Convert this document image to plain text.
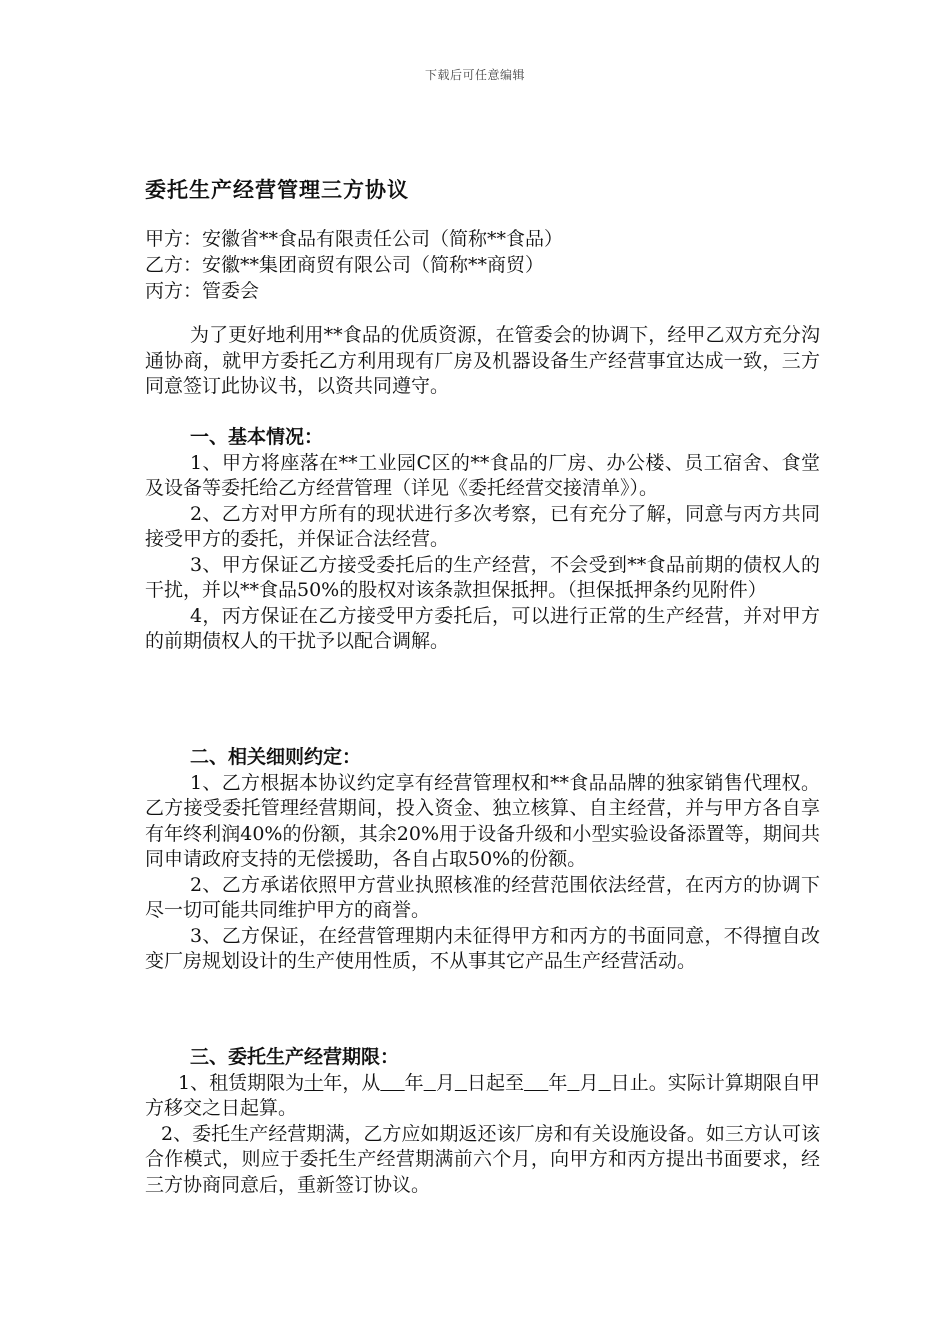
下载后可任意编辑
委托生产经营管理三方协议
甲方：安徽省**食品有限责任公司（简称**食品）
乙方：安徽**集团商贸有限公司（简称**商贸）
丙方：管委会

为了更好地利用**食品的优质资源，在管委会的协调下，经甲乙双方充分沟通协商，就甲方委托乙方利用现有厂房及机器设备生产经营事宜达成一致，三方同意签订此协议书，以资共同遵守。

一、基本情况：

1、甲方将座落在**工业园C区的**食品的厂房、办公楼、员工宿舍、食堂及设备等委托给乙方经营管理（详见《委托经营交接清单》）。

2、乙方对甲方所有的现状进行多次考察，已有充分了解，同意与丙方共同接受甲方的委托，并保证合法经营。

3、甲方保证乙方接受委托后的生产经营，不会受到**食品前期的债权人的干扰，并以**食品50%的股权对该条款担保抵押。（担保抵押条约见附件）

4，丙方保证在乙方接受甲方委托后，可以进行正常的生产经营，并对甲方的前期债权人的干扰予以配合调解。

二、相关细则约定：

1、乙方根据本协议约定享有经营管理权和**食品品牌的独家销售代理权。乙方接受委托管理经营期间，投入资金、独立核算、自主经营，并与甲方各自享有年终利润40%的份额，其余20%用于设备升级和小型实验设备添置等，期间共同申请政府支持的无偿援助，各自占取50%的份额。

2、乙方承诺依照甲方营业执照核准的经营范围依法经营，在丙方的协调下尽一切可能共同维护甲方的商誉。

3、乙方保证，在经营管理期内未征得甲方和丙方的书面同意，不得擅自改变厂房规划设计的生产使用性质，不从事其它产品生产经营活动。

三、委托生产经营期限：

1、租赁期限为十年，从 年 月 日起至 年 月 日止。实际计算期限自甲方移交之日起算。

2、委托生产经营期满，乙方应如期返还该厂房和有关设施设备。如三方认可该合作模式，则应于委托生产经营期满前六个月，向甲方和丙方提出书面要求，经三方协商同意后，重新签订协议。
